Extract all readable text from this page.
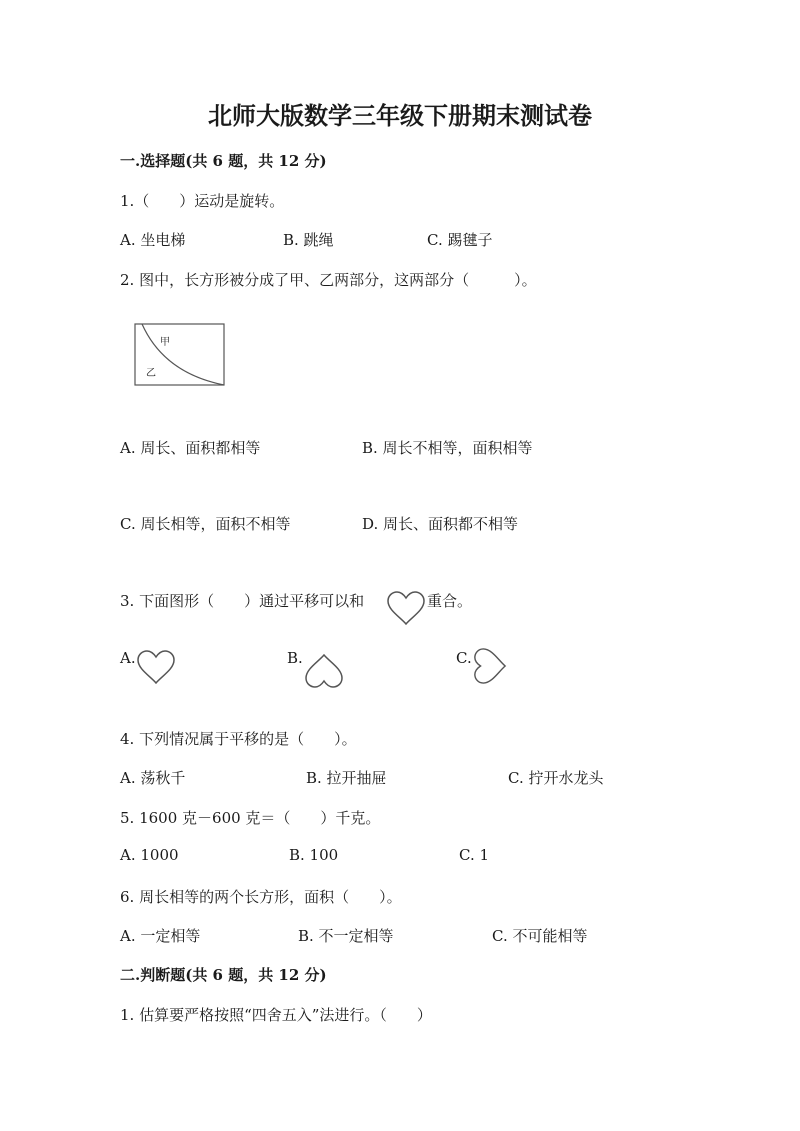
北师大版数学三年级下册期末测试卷
一.选择题(共 6 题，共 12 分)
1.（　　）运动是旋转。
A. 坐电梯	B. 跳绳	C. 踢毽子
2. 图中，长方形被分成了甲、乙两部分，这两部分（　　　）。
甲
乙
A. 周长、面积都相等	B. 周长不相等，面积相等
C. 周长相等，面积不相等	D. 周长、面积都不相等
3. 下面图形（　　）通过平移可以和	重合。
A.	B.	C.
4. 下列情况属于平移的是（　　）。
A. 荡秋千	B. 拉开抽屉	C. 拧开水龙头
5. 1600 克－600 克＝（　　）千克。
A. 1000	B. 100	C. 1
6. 周长相等的两个长方形，面积（　　）。
A. 一定相等	B. 不一定相等	C. 不可能相等
二.判断题(共 6 题，共 12 分)
1. 估算要严格按照“四舍五入”法进行。（　　）
